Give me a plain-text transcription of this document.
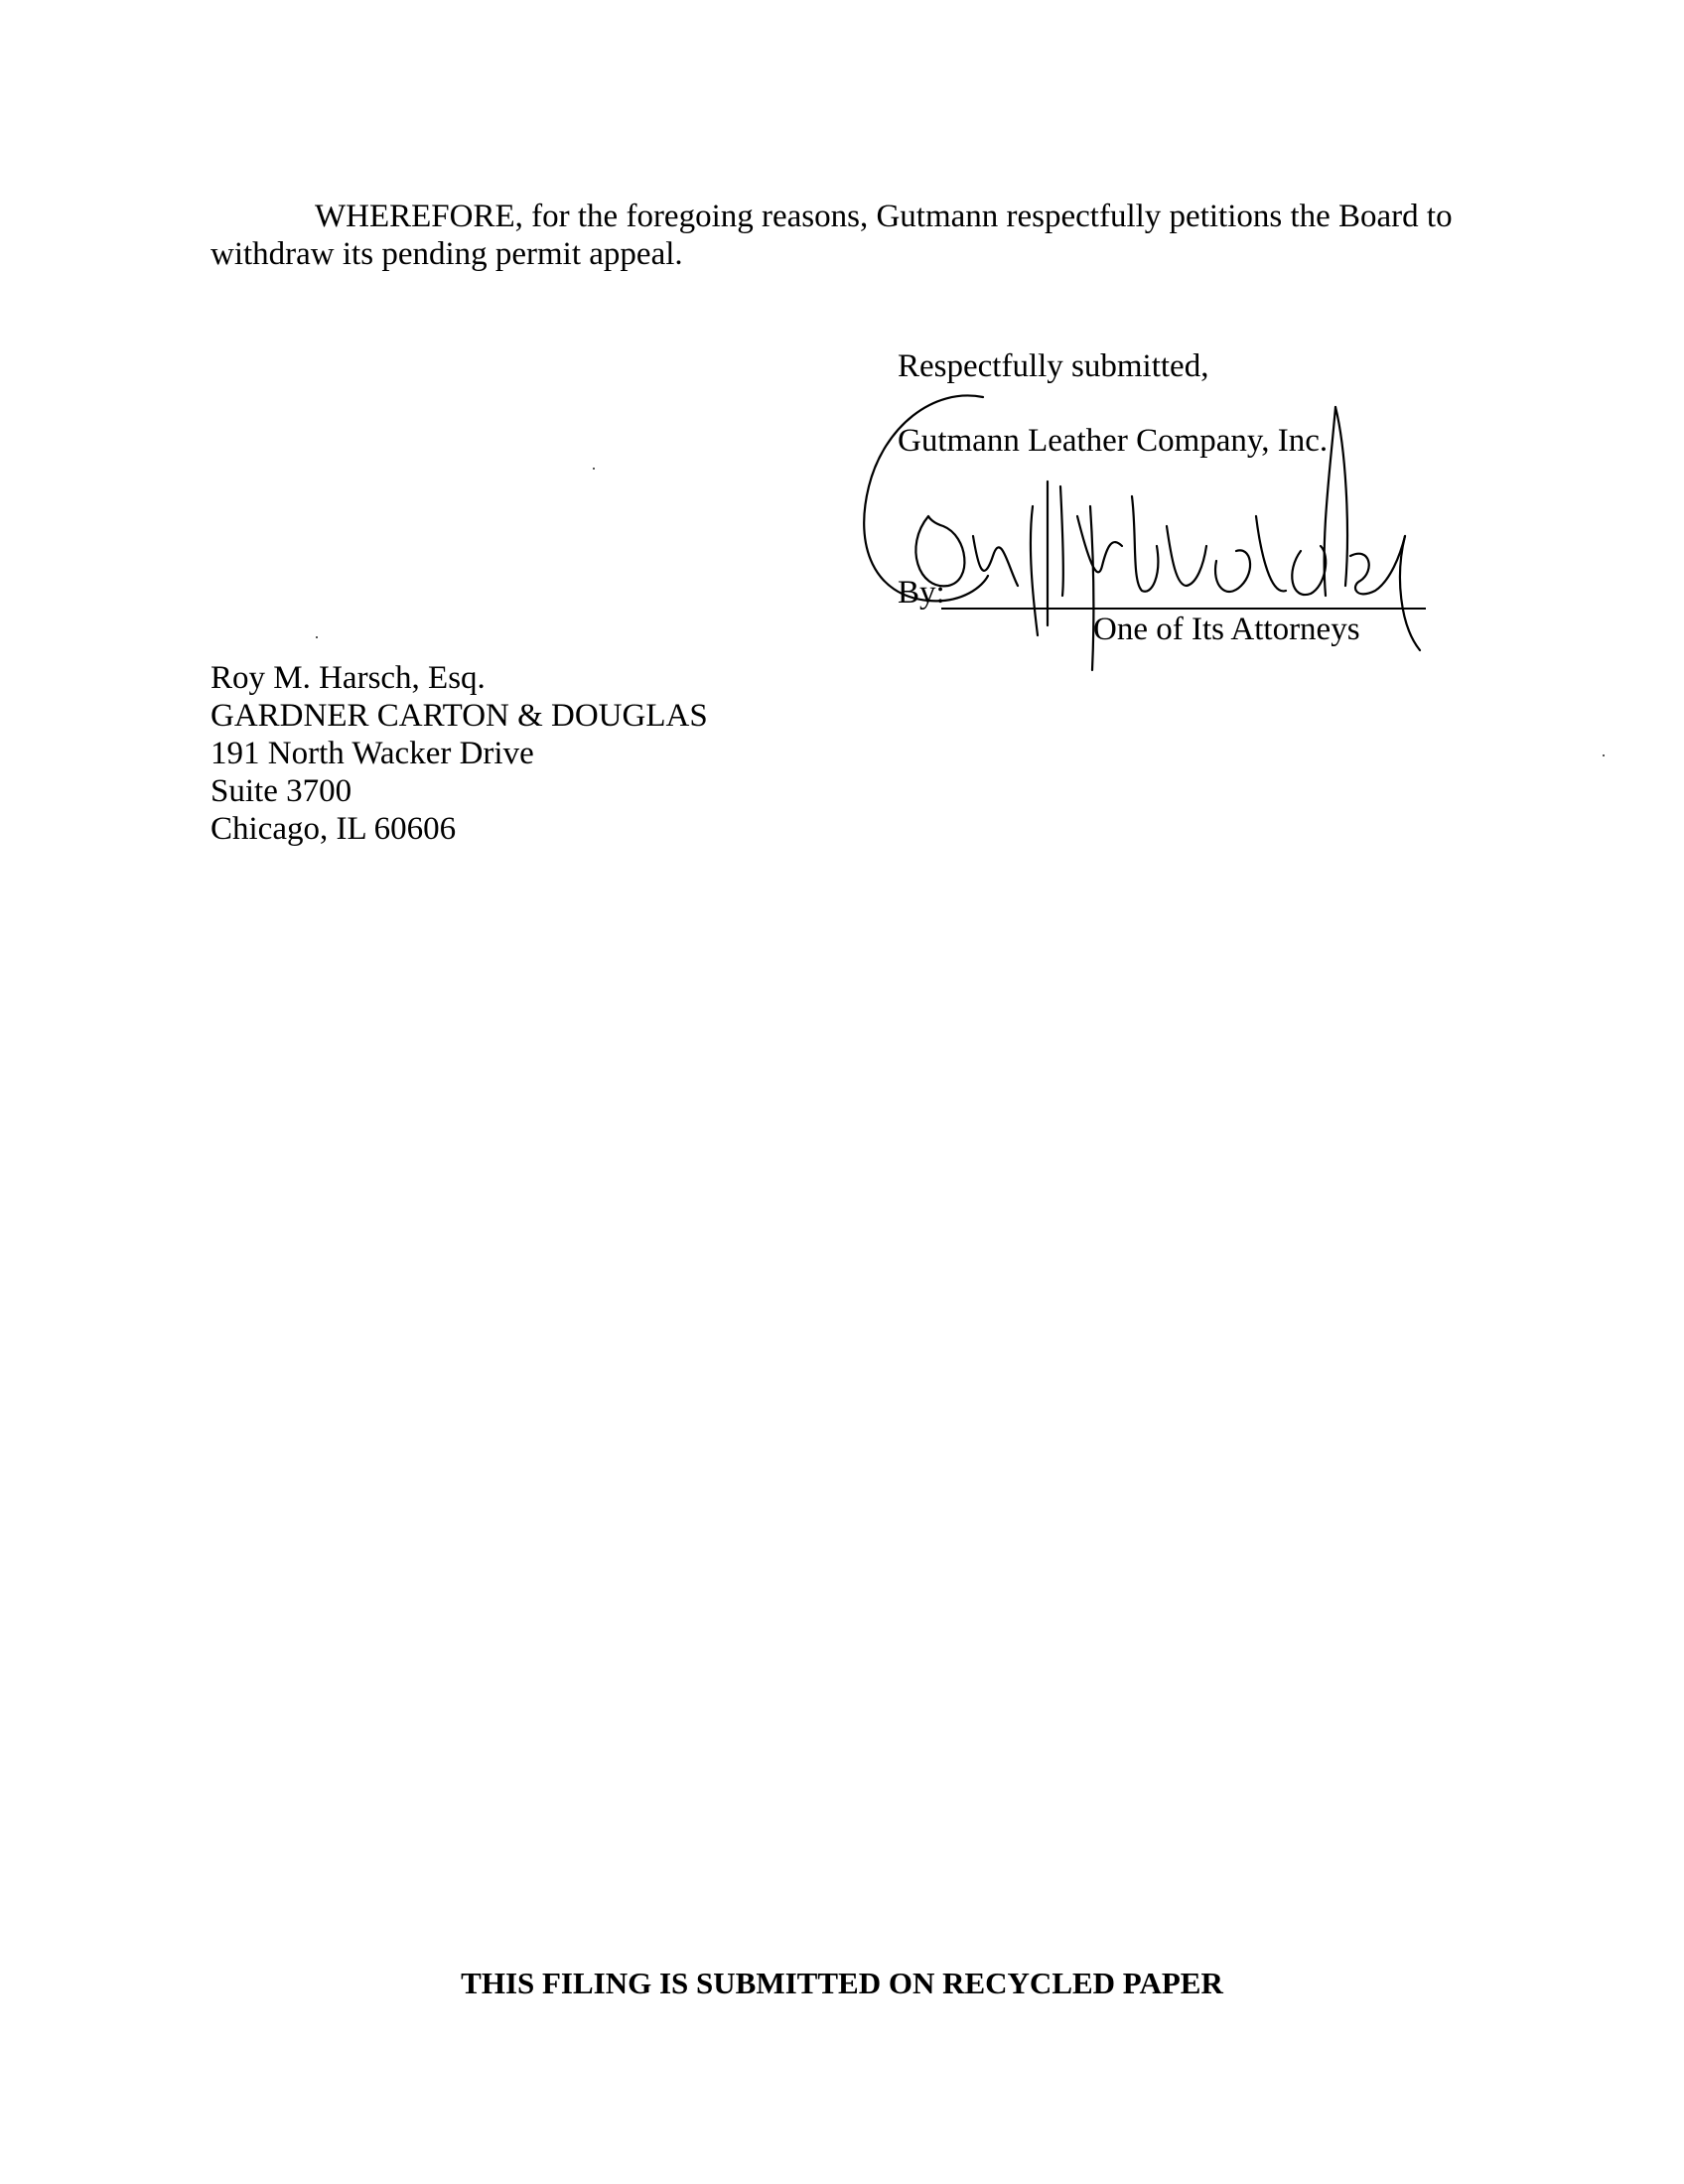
WHEREFORE, for the foregoing reasons, Gutmann respectfully petitions the Board to
withdraw its pending permit appeal.
Respectfully submitted,
Gutmann Leather Company, Inc.
By:
One of Its Attorneys
Roy M. Harsch, Esq.
GARDNER CARTON & DOUGLAS
191 North Wacker Drive
Suite 3700
Chicago, IL 60606
THIS FILING IS SUBMITTED ON RECYCLED PAPER
